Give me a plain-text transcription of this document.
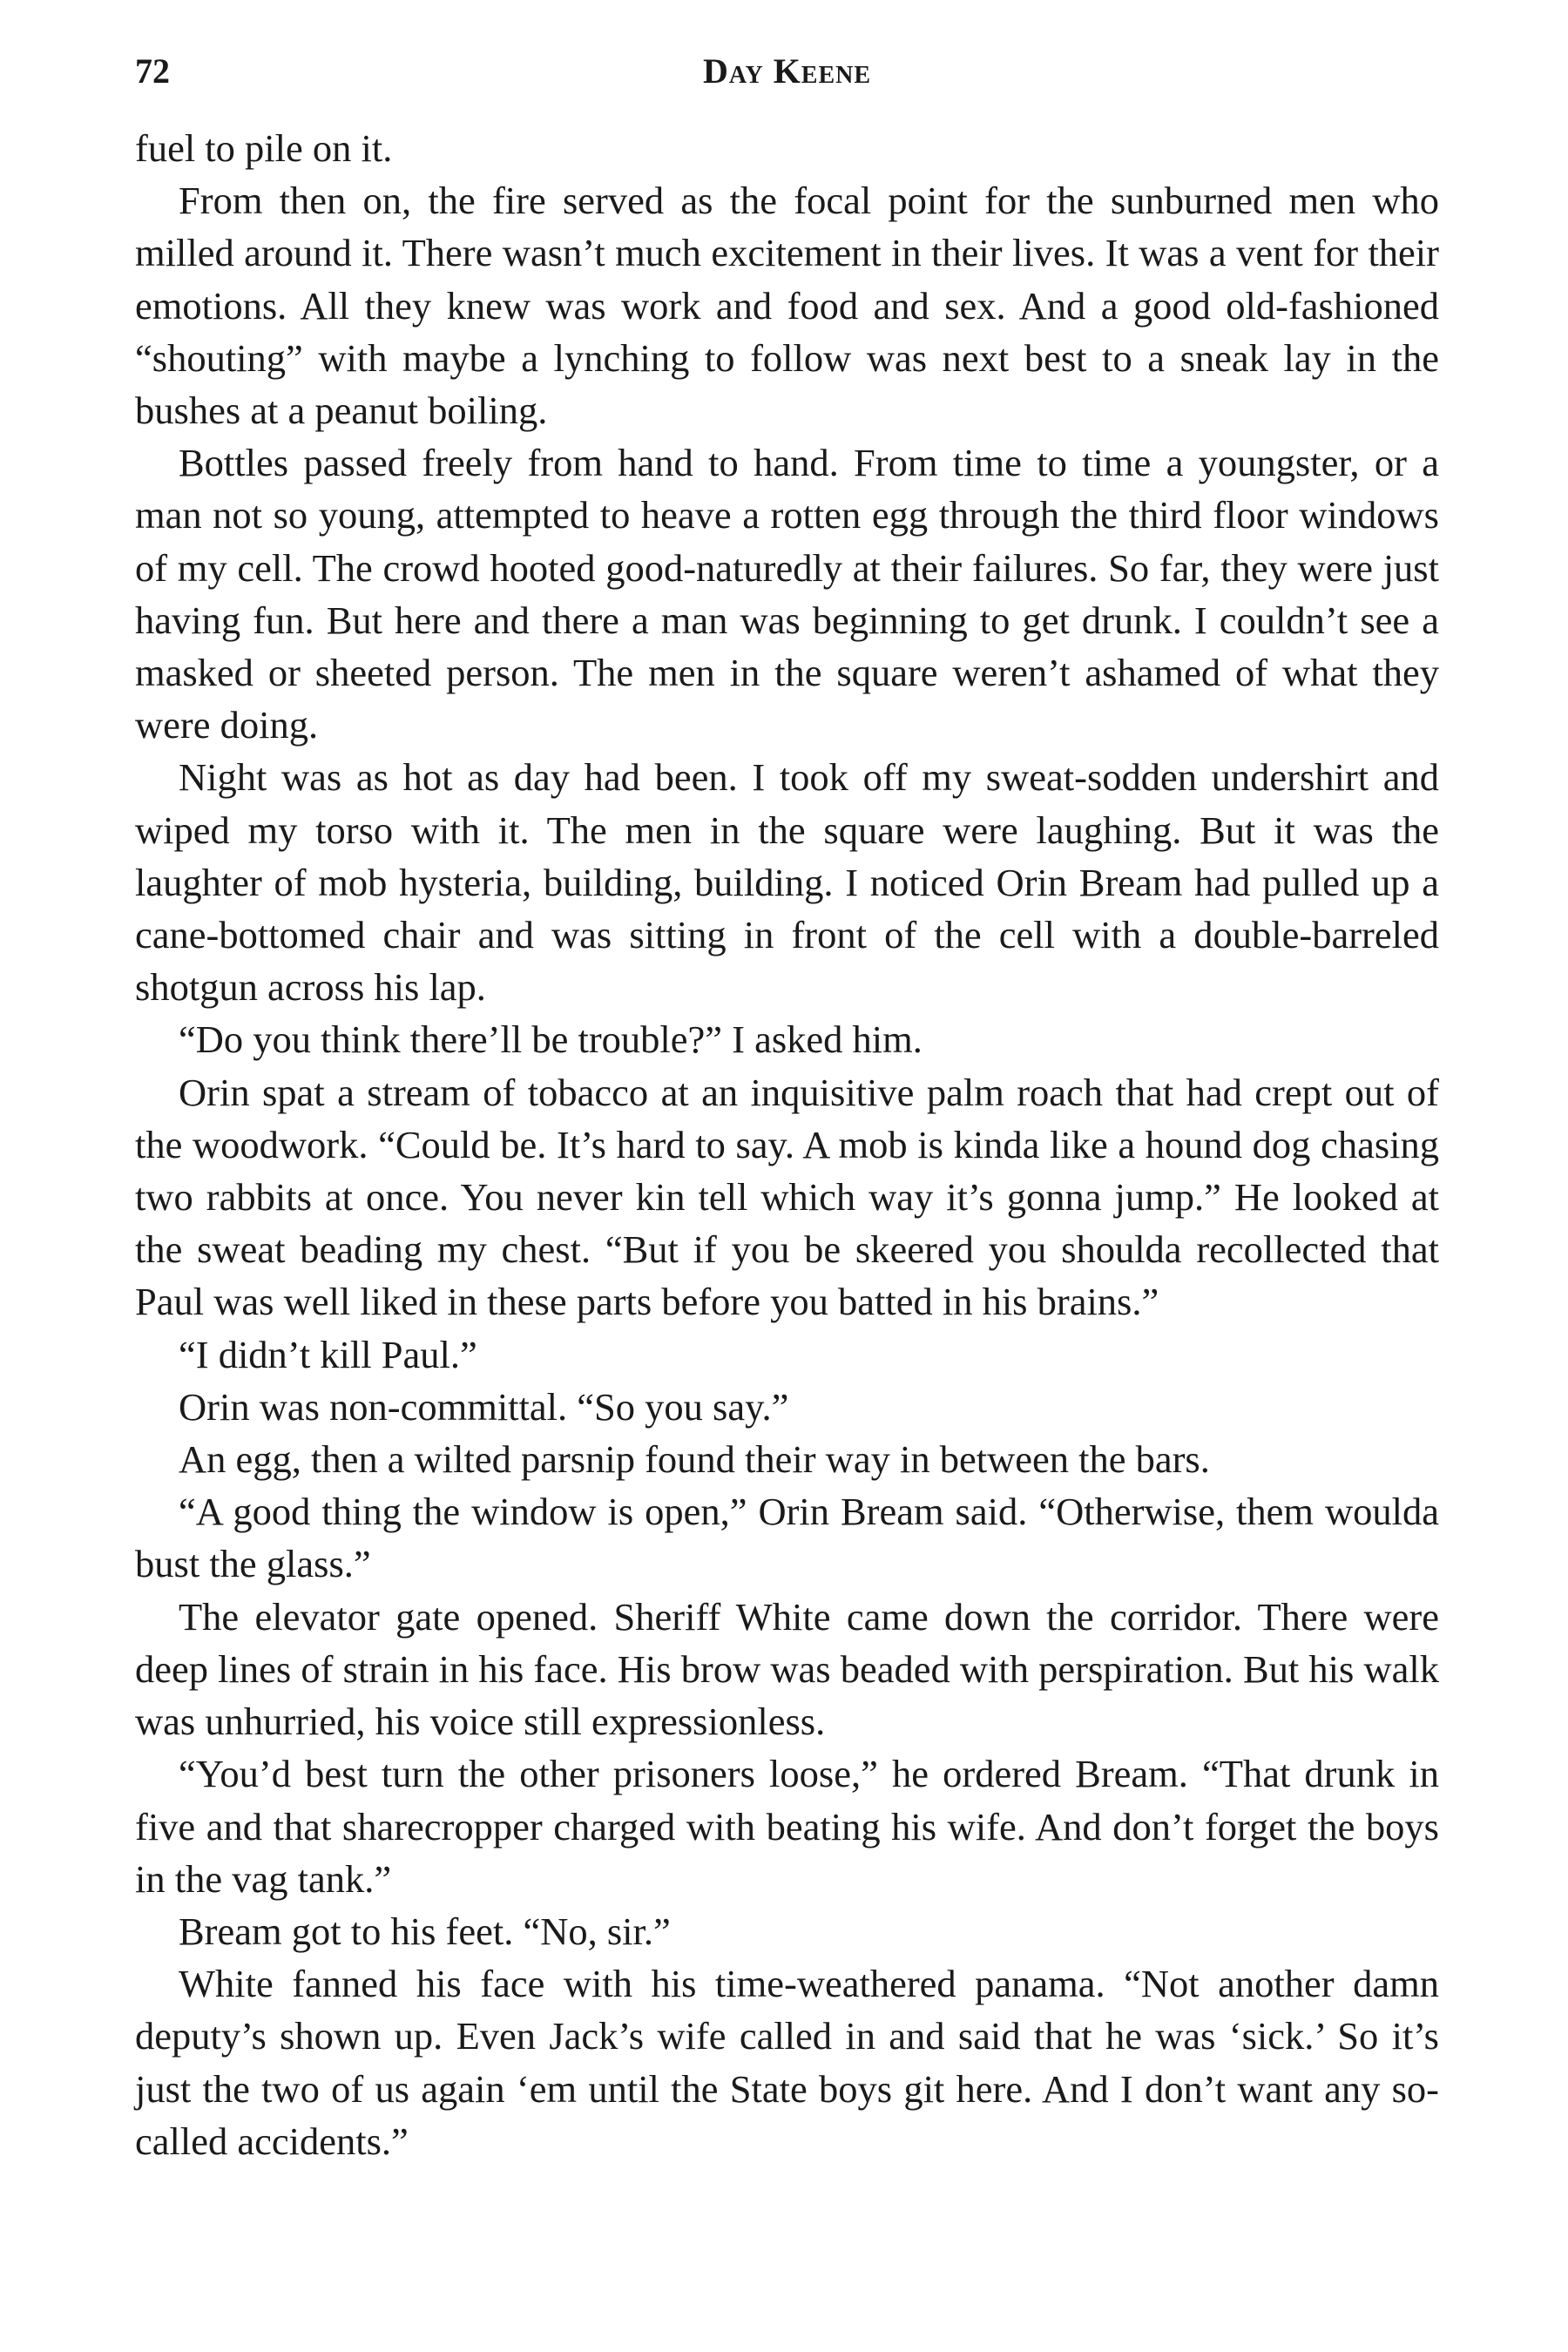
72	Day Keene

fuel to pile on it.

From then on, the fire served as the focal point for the sunburned men who milled around it. There wasn’t much excitement in their lives. It was a vent for their emotions. All they knew was work and food and sex. And a good old-fashioned “shouting” with maybe a lynching to follow was next best to a sneak lay in the bushes at a peanut boiling.

Bottles passed freely from hand to hand. From time to time a youngster, or a man not so young, attempted to heave a rotten egg through the third floor windows of my cell. The crowd hooted good-naturedly at their failures. So far, they were just having fun. But here and there a man was beginning to get drunk. I couldn’t see a masked or sheeted person. The men in the square weren’t ashamed of what they were doing.

Night was as hot as day had been. I took off my sweat-sodden undershirt and wiped my torso with it. The men in the square were laughing. But it was the laughter of mob hysteria, building, building. I noticed Orin Bream had pulled up a cane-bottomed chair and was sitting in front of the cell with a double-barreled shotgun across his lap.

“Do you think there’ll be trouble?” I asked him.

Orin spat a stream of tobacco at an inquisitive palm roach that had crept out of the woodwork. “Could be. It’s hard to say. A mob is kinda like a hound dog chasing two rabbits at once. You never kin tell which way it’s gonna jump.” He looked at the sweat beading my chest. “But if you be skeered you shoulda recollected that Paul was well liked in these parts before you batted in his brains.”

“I didn’t kill Paul.”

Orin was non-committal. “So you say.”

An egg, then a wilted parsnip found their way in between the bars.

“A good thing the window is open,” Orin Bream said. “Otherwise, them woulda bust the glass.”

The elevator gate opened. Sheriff White came down the corridor. There were deep lines of strain in his face. His brow was beaded with perspiration. But his walk was unhurried, his voice still expressionless.

“You’d best turn the other prisoners loose,” he ordered Bream. “That drunk in five and that sharecropper charged with beating his wife. And don’t forget the boys in the vag tank.”

Bream got to his feet. “No, sir.”

White fanned his face with his time-weathered panama. “Not another damn deputy’s shown up. Even Jack’s wife called in and said that he was ‘sick.’ So it’s just the two of us again ‘em until the State boys git here. And I don’t want any so-called accidents.”
